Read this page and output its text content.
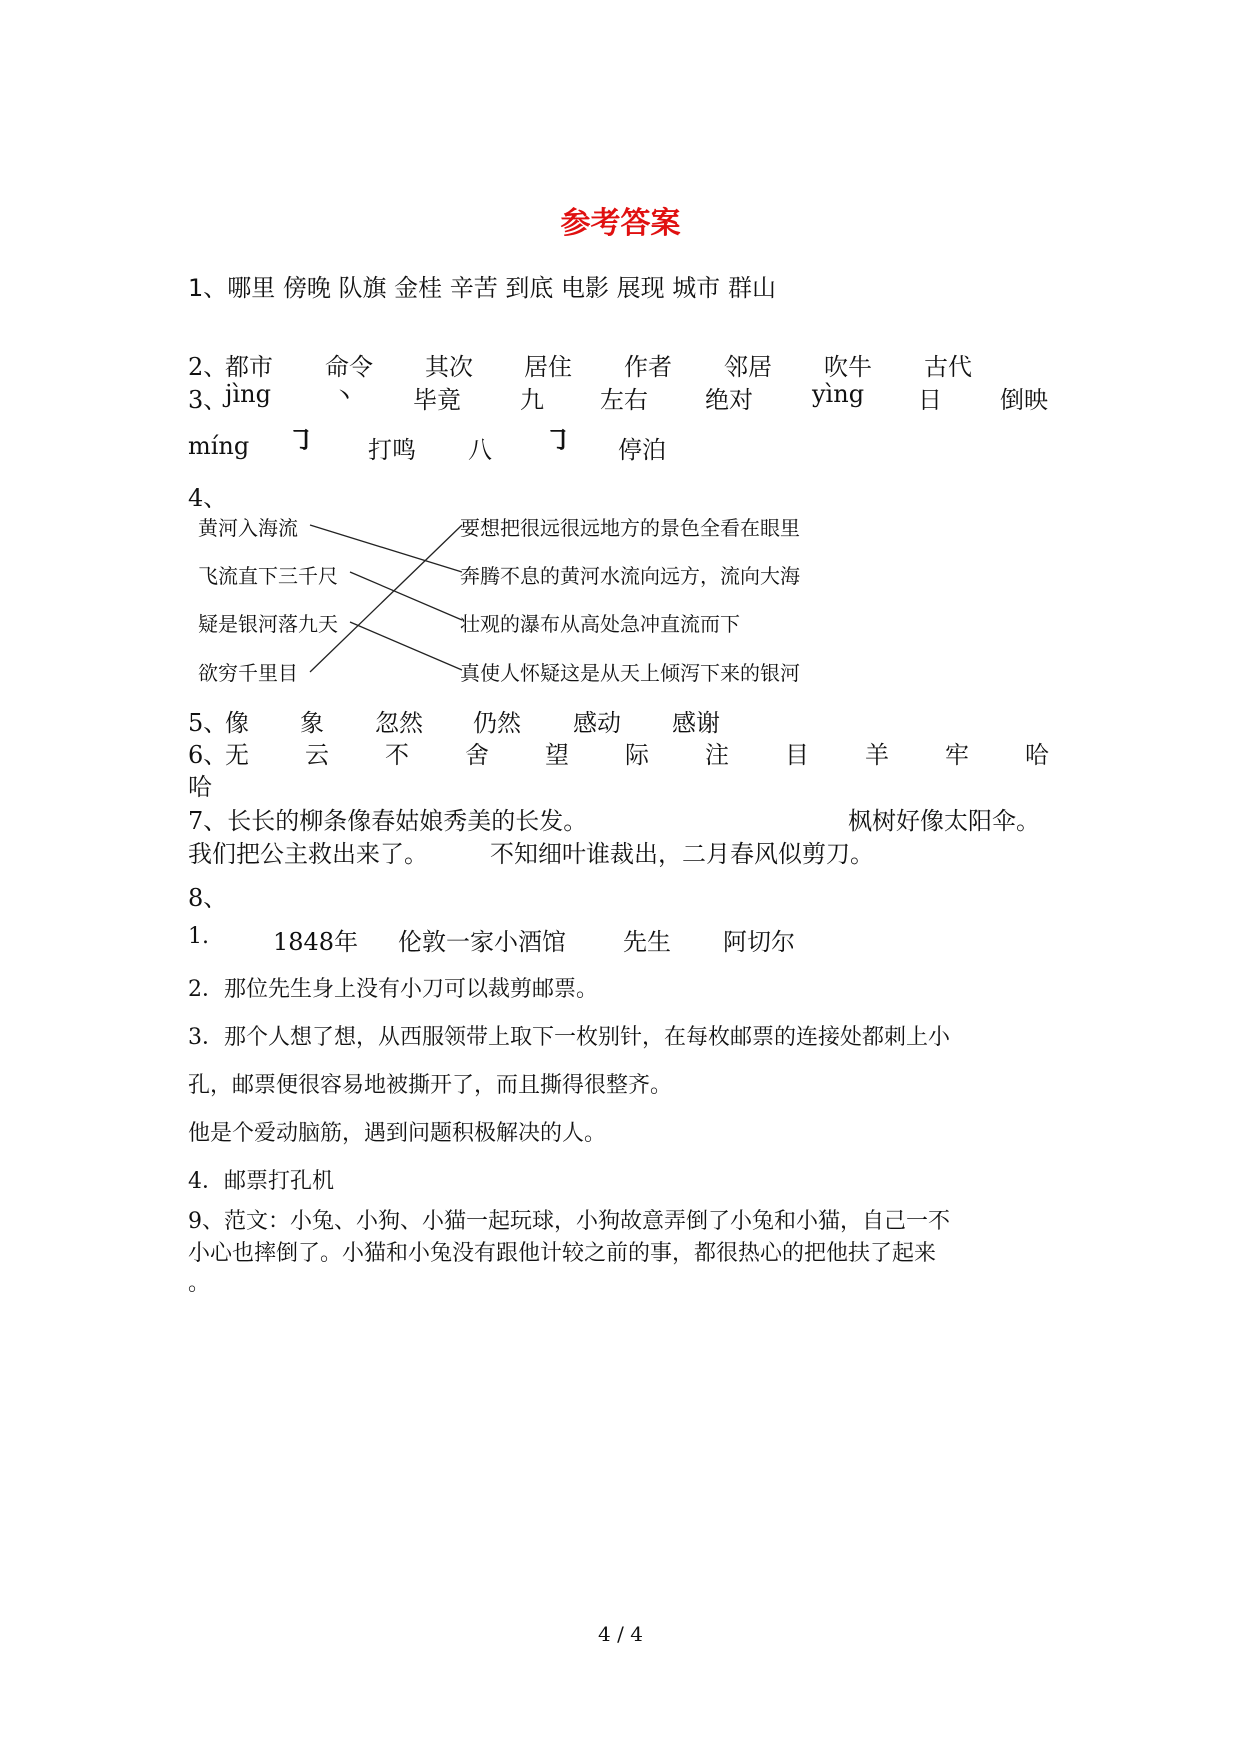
参考答案
1、哪里 傍晚 队旗 金桂 辛苦 到底 电影 展现 城市 群山
2、
都市 命令 其次 居住 作者 邻居 吹牛 古代
3、
jìng	丶 毕竟 九 左右 绝对 yìng 日 倒映
míng ㇆ 打鸣 八 ㇆ 停泊
4、
黄河入海流
飞流直下三千尺
疑是银河落九天
欲穷千里目
要想把很远很远地方的景色全看在眼里
奔腾不息的黄河水流向远方，流向大海
壮观的瀑布从高处急冲直流而下
真使人怀疑这是从天上倾泻下来的银河
5、
像 象 忽然 仍然 感动 感谢
6、
无 云 不 舍 望 际 注 目 羊 牢 哈
哈
7、长长的柳条像春姑娘秀美的长发。	枫树好像太阳伞。
我们把公主救出来了。	不知细叶谁裁出，二月春风似剪刀。
8、
1.	1848年 伦敦一家小酒馆 先生 阿切尔
2．那位先生身上没有小刀可以裁剪邮票。
3．那个人想了想，从西服领带上取下一枚别针，在每枚邮票的连接处都刺上小
孔，邮票便很容易地被撕开了，而且撕得很整齐。
他是个爱动脑筋，遇到问题积极解决的人。
4．邮票打孔机
9、范文：小兔、小狗、小猫一起玩球，小狗故意弄倒了小兔和小猫，自己一不
小心也摔倒了。小猫和小兔没有跟他计较之前的事，都很热心的把他扶了起来
。
4 / 4
